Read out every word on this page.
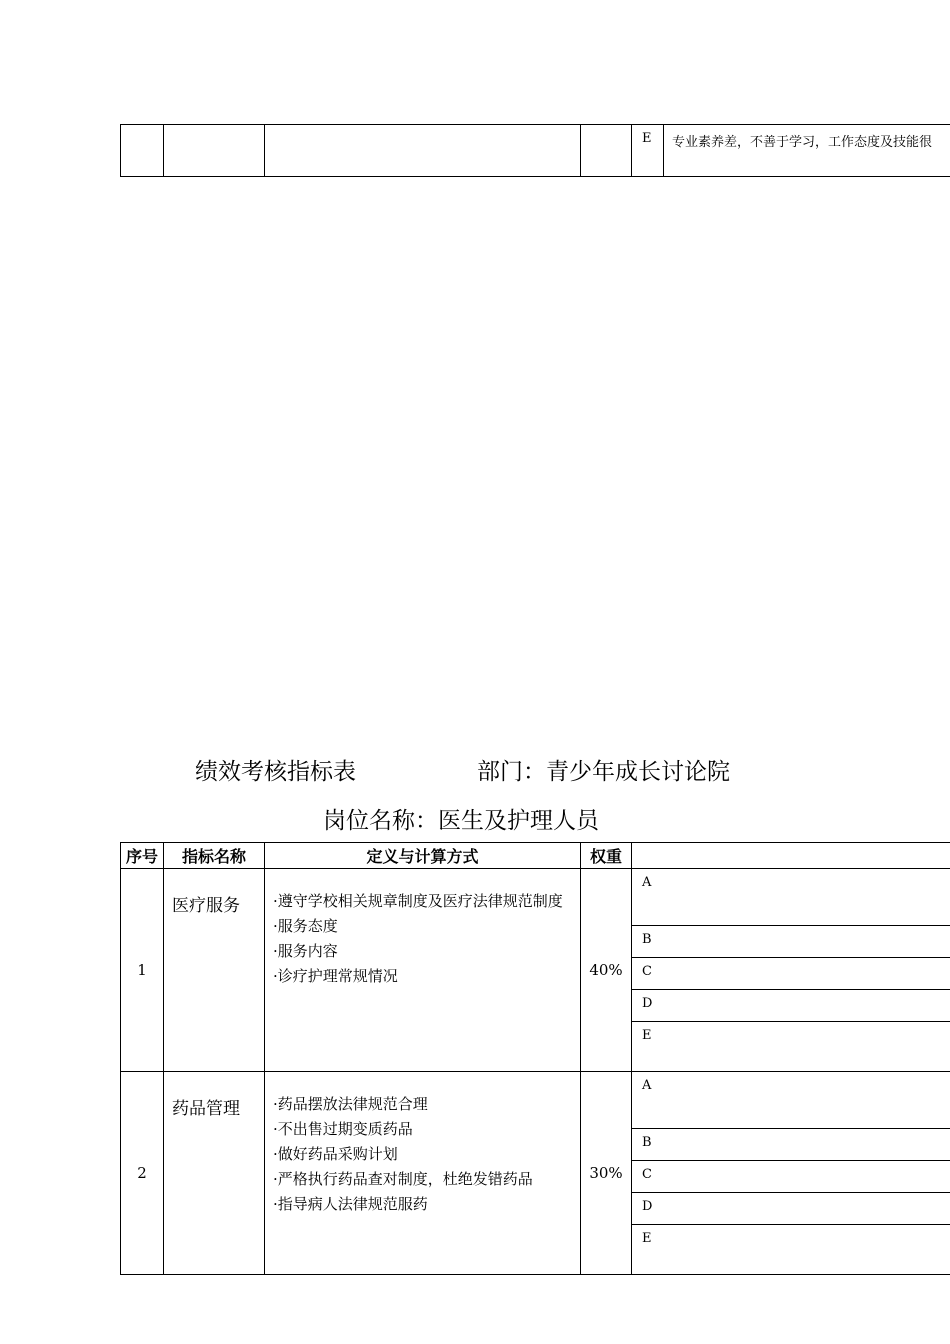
				E	专业素养差，不善于学习，工作态度及技能很
绩效考核指标表	部门：青少年成长讨论院
岗位名称：医生及护理人员
序号	指标名称	定义与计算方式	权重	
1	医疗服务	·遵守学校相关规章制度及医疗法律规范制度
·服务态度
·服务内容
·诊疗护理常规情况	40%	A
				B
				C
				D
				E
2	药品管理	·药品摆放法律规范合理
·不出售过期变质药品
·做好药品采购计划
·严格执行药品查对制度，杜绝发错药品
·指导病人法律规范服药	30%	A
				B
				C
				D
				E
